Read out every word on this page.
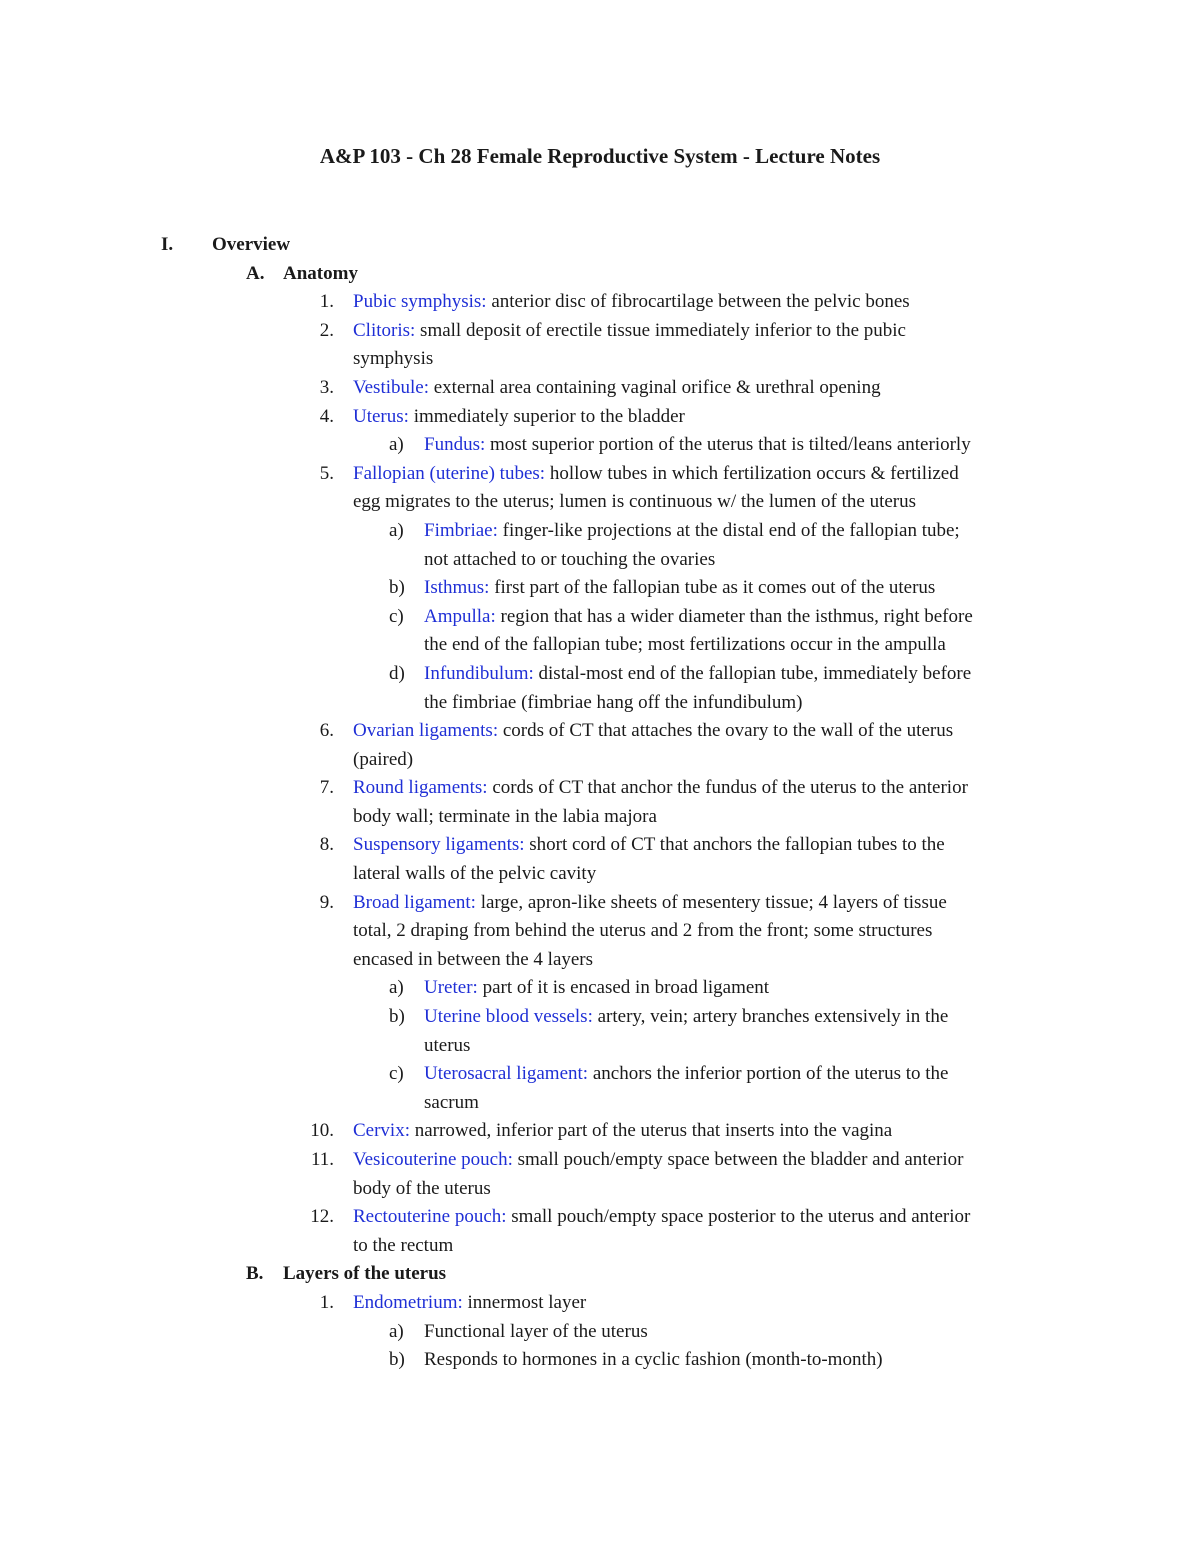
A&P 103 - Ch 28 Female Reproductive System - Lecture Notes
I. Overview
A. Anatomy
1. Pubic symphysis: anterior disc of fibrocartilage between the pelvic bones
2. Clitoris: small deposit of erectile tissue immediately inferior to the pubic
symphysis
3. Vestibule: external area containing vaginal orifice & urethral opening
4. Uterus: immediately superior to the bladder
a) Fundus: most superior portion of the uterus that is tilted/leans anteriorly
5. Fallopian (uterine) tubes: hollow tubes in which fertilization occurs & fertilized
egg migrates to the uterus; lumen is continuous w/ the lumen of the uterus
a) Fimbriae: finger-like projections at the distal end of the fallopian tube;
not attached to or touching the ovaries
b) Isthmus: first part of the fallopian tube as it comes out of the uterus
c) Ampulla: region that has a wider diameter than the isthmus, right before
the end of the fallopian tube; most fertilizations occur in the ampulla
d) Infundibulum: distal-most end of the fallopian tube, immediately before
the fimbriae (fimbriae hang off the infundibulum)
6. Ovarian ligaments: cords of CT that attaches the ovary to the wall of the uterus
(paired)
7. Round ligaments: cords of CT that anchor the fundus of the uterus to the anterior
body wall; terminate in the labia majora
8. Suspensory ligaments: short cord of CT that anchors the fallopian tubes to the
lateral walls of the pelvic cavity
9. Broad ligament: large, apron-like sheets of mesentery tissue; 4 layers of tissue
total, 2 draping from behind the uterus and 2 from the front; some structures
encased in between the 4 layers
a) Ureter: part of it is encased in broad ligament
b) Uterine blood vessels: artery, vein; artery branches extensively in the
uterus
c) Uterosacral ligament: anchors the inferior portion of the uterus to the
sacrum
10. Cervix: narrowed, inferior part of the uterus that inserts into the vagina
11. Vesicouterine pouch: small pouch/empty space between the bladder and anterior
body of the uterus
12. Rectouterine pouch: small pouch/empty space posterior to the uterus and anterior
to the rectum
B. Layers of the uterus
1. Endometrium: innermost layer
a) Functional layer of the uterus
b) Responds to hormones in a cyclic fashion (month-to-month)
